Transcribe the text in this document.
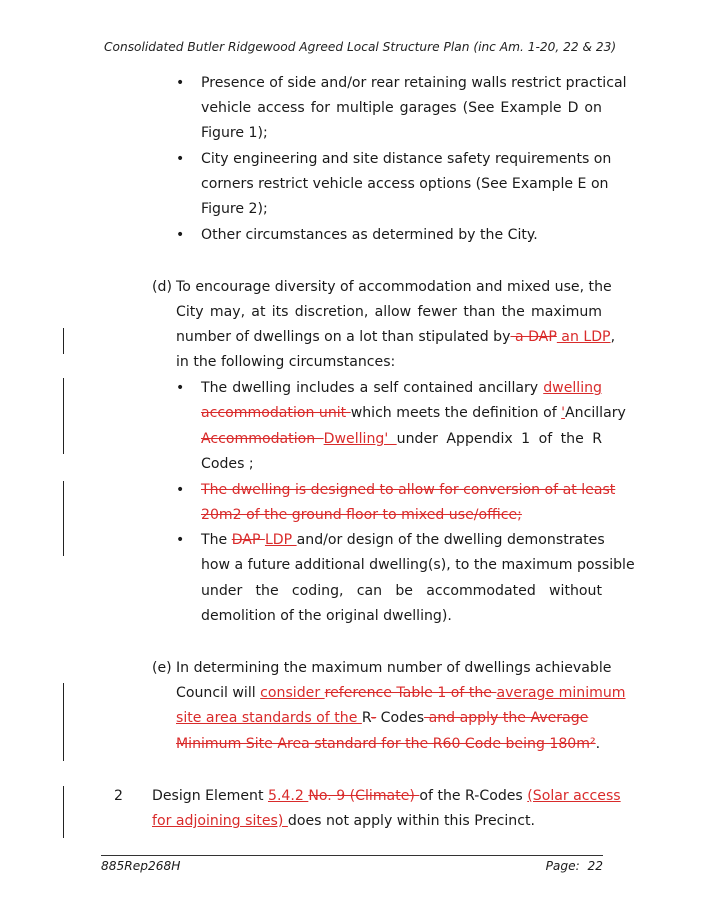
Consolidated Butler Ridgewood Agreed Local Structure Plan (inc Am. 1-20, 22 & 23)
• Presence of side and/or rear retaining walls restrict practical
vehicle access for multiple garages (See Example D on
Figure 1);
• City engineering and site distance safety requirements on
corners restrict vehicle access options (See Example E on
Figure 2);
• Other circumstances as determined by the City.
(d) To encourage diversity of accommodation and mixed use, the
City may, at its discretion, allow fewer than the maximum
number of dwellings on a lot than stipulated by a DAP an LDP,
in the following circumstances:
• The dwelling includes a self contained ancillary dwelling
accommodation unit which meets the definition of 'Ancillary
Accommodation Dwelling' under Appendix 1 of the R
Codes ;
• The dwelling is designed to allow for conversion of at least
20m2 of the ground floor to mixed use/office;
• The DAP LDP and/or design of the dwelling demonstrates
how a future additional dwelling(s), to the maximum possible
under the coding, can be accommodated without
demolition of the original dwelling).
(e) In determining the maximum number of dwellings achievable
Council will consider reference Table 1 of the average minimum
site area standards of the R- Codes and apply the Average
Minimum Site Area standard for the R60 Code being 180m².
2 Design Element 5.4.2 No. 9 (Climate) of the R-Codes (Solar access
for adjoining sites) does not apply within this Precinct.
885Rep268H	Page:  22
